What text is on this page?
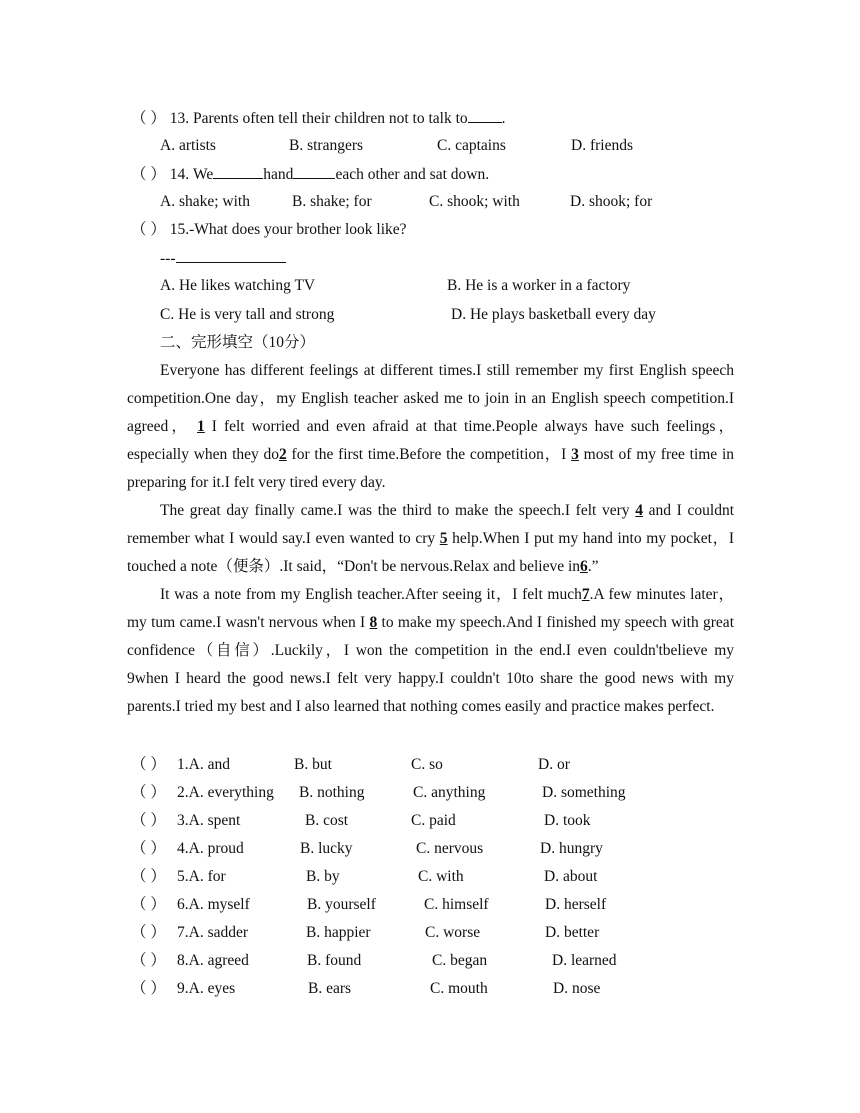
（ ） 13. Parents often tell their children not to talk to .
A. artists	B. strangers	C. captains	D. friends
（ ） 14. We	hand	each other and sat down.
A. shake; with	B. shake; for	C. shook; with	D. shook; for
（ ） 15.-What does your brother look like?
---
A. He likes watching TV	B. He is a worker in a factory
C. He is very tall and strong	D. He plays basketball every day
二、完形填空（10分）
Everyone has different feelings at different times.I still remember my first English speech competition.One day，my English teacher asked me to join in an English speech competition.I agreed， 1 I felt worried and even afraid at that time.People always have such feelings，especially when they do2 for the first time.Before the competition，I 3 most of my free time in preparing for it.I felt very tired every day.
The great day finally came.I was the third to make the speech.I felt very 4 and I couldnt remember what I would say.I even wanted to cry 5 help.When I put my hand into my pocket，I touched a note（便条）.It said，“Don't be nervous.Relax and believe in6.”
It was a note from my English teacher.After seeing it，I felt much7.A few minutes later，my tum came.I wasn't nervous when I 8 to make my speech.And I finished my speech with great confidence（自信）.Luckily，I won the competition in the end.I even couldn'tbelieve my 9when I heard the good news.I felt very happy.I couldn't 10to share the good news with my parents.I tried my best and I also learned that nothing comes easily and practice makes perfect.
（ ） 1.A. and	B. but	C. so	D. or
（ ） 2.A. everything B. nothing	C. anything	D. something
（ ） 3.A. spent	B. cost	C. paid	D. took
（ ） 4.A. proud	B. lucky	C. nervous	D. hungry
（ ） 5.A. for	B. by	C. with	D. about
（ ） 6.A. myself	B. yourself	C. himself	D. herself
（ ） 7.A. sadder	B. happier	C. worse	D. better
（ ） 8.A. agreed	B. found	C. began	D. learned
（ ） 9.A. eyes	B. ears	C. mouth	D. nose
